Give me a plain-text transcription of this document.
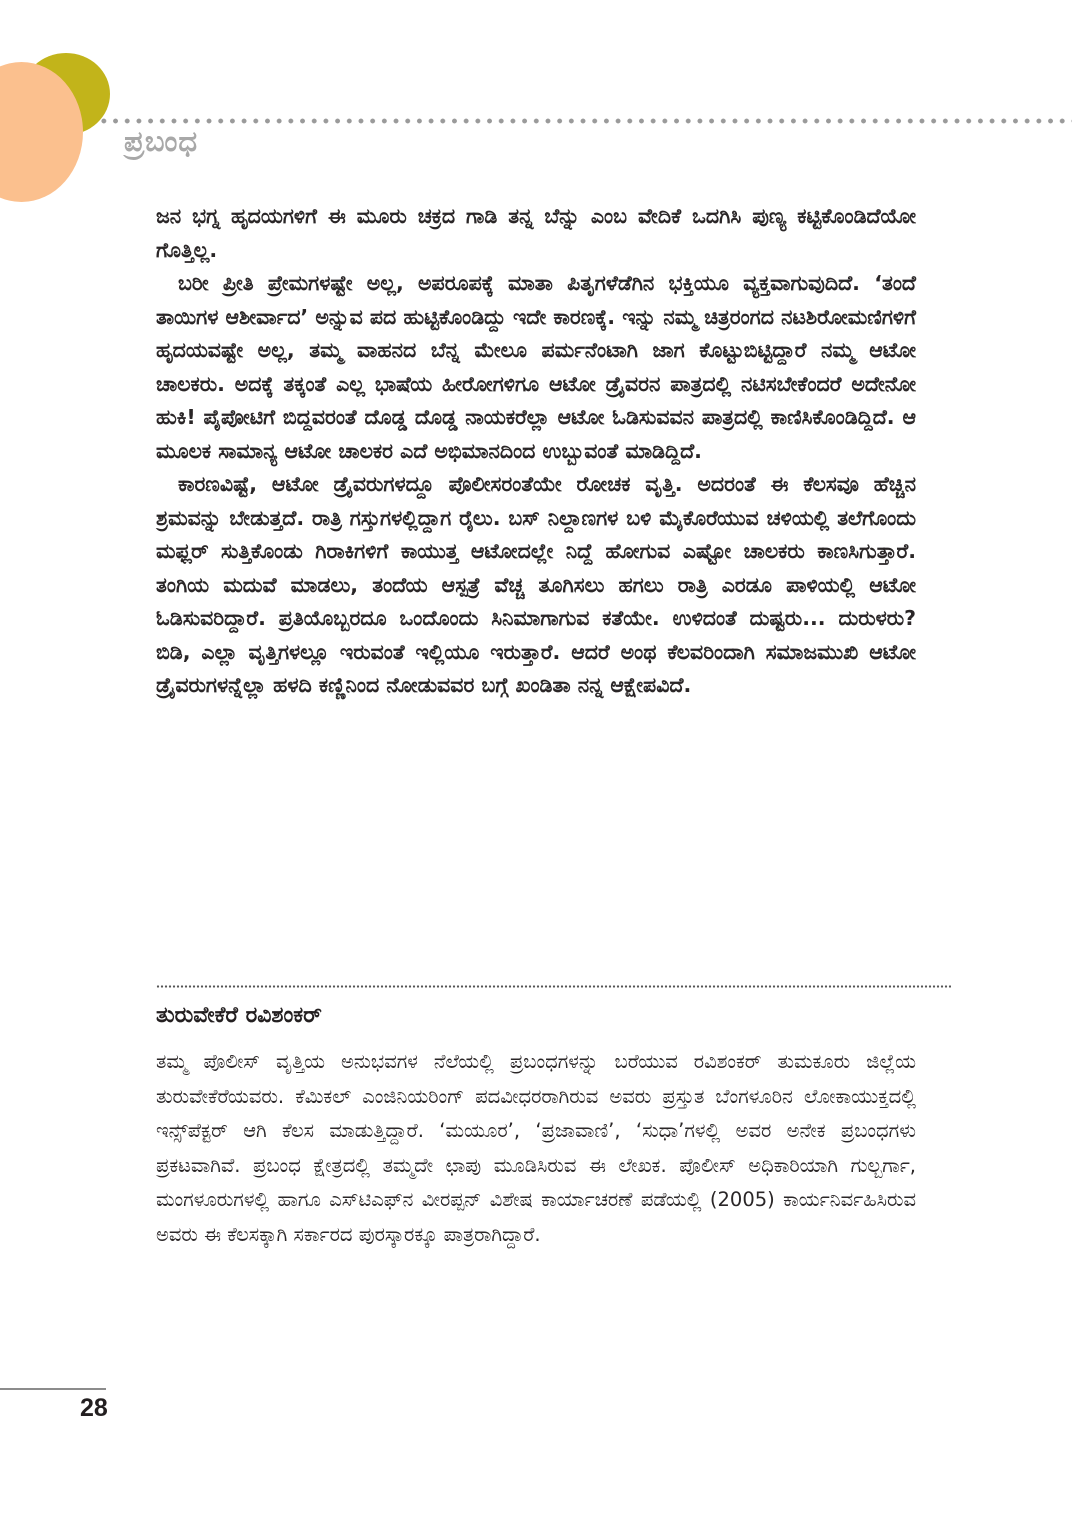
ಪ್ರಬಂಧ

ಜನ ಭಗ್ನ ಹೃದಯಗಳಿಗೆ ಈ ಮೂರು ಚಕ್ರದ ಗಾಡಿ ತನ್ನ ಬೆನ್ನು ಎಂಬ ವೇದಿಕೆ ಒದಗಿಸಿ ಪುಣ್ಯ ಕಟ್ಟಿಕೊಂಡಿದೆಯೋ ಗೊತ್ತಿಲ್ಲ.

ಬರೀ ಪ್ರೀತಿ ಪ್ರೇಮಗಳಷ್ಟೇ ಅಲ್ಲ, ಅಪರೂಪಕ್ಕೆ ಮಾತಾ ಪಿತೃಗಳೆಡೆಗಿನ ಭಕ್ತಿಯೂ ವ್ಯಕ್ತವಾಗುವುದಿದೆ. ‘ತಂದೆ ತಾಯಿಗಳ ಆಶೀರ್ವಾದ’ ಅನ್ನುವ ಪದ ಹುಟ್ಟಿಕೊಂಡಿದ್ದು ಇದೇ ಕಾರಣಕ್ಕೆ. ಇನ್ನು ನಮ್ಮ ಚಿತ್ರರಂಗದ ನಟಶಿರೋಮಣಿಗಳಿಗೆ ಹೃದಯವಷ್ಟೇ ಅಲ್ಲ, ತಮ್ಮ ವಾಹನದ ಬೆನ್ನ ಮೇಲೂ ಪರ್ಮನೆಂಟಾಗಿ ಜಾಗ ಕೊಟ್ಟುಬಿಟ್ಟಿದ್ದಾರೆ ನಮ್ಮ ಆಟೋ ಚಾಲಕರು. ಅದಕ್ಕೆ ತಕ್ಕಂತೆ ಎಲ್ಲ ಭಾಷೆಯ ಹೀರೋಗಳಿಗೂ ಆಟೋ ಡ್ರೈವರನ ಪಾತ್ರದಲ್ಲಿ ನಟಿಸಬೇಕೆಂದರೆ ಅದೇನೋ ಹುಕಿ! ಪೈಪೋಟಿಗೆ ಬಿದ್ದವರಂತೆ ದೊಡ್ಡ ದೊಡ್ಡ ನಾಯಕರೆಲ್ಲಾ ಆಟೋ ಓಡಿಸುವವನ ಪಾತ್ರದಲ್ಲಿ ಕಾಣಿಸಿಕೊಂಡಿದ್ದಿದೆ. ಆ ಮೂಲಕ ಸಾಮಾನ್ಯ ಆಟೋ ಚಾಲಕರ ಎದೆ ಅಭಿಮಾನದಿಂದ ಉಬ್ಬುವಂತೆ ಮಾಡಿದ್ದಿದೆ.

ಕಾರಣವಿಷ್ಟೆ, ಆಟೋ ಡ್ರೈವರುಗಳದ್ದೂ ಪೊಲೀಸರಂತೆಯೇ ರೋಚಕ ವೃತ್ತಿ. ಅದರಂತೆ ಈ ಕೆಲಸವೂ ಹೆಚ್ಚಿನ ಶ್ರಮವನ್ನು ಬೇಡುತ್ತದೆ. ರಾತ್ರಿ ಗಸ್ತುಗಳಲ್ಲಿದ್ದಾಗ ರೈಲು. ಬಸ್ ನಿಲ್ದಾಣಗಳ ಬಳಿ ಮೈಕೊರೆಯುವ ಚಳಿಯಲ್ಲಿ ತಲೆಗೊಂದು ಮಫ್ಲರ್ ಸುತ್ತಿಕೊಂಡು ಗಿರಾಕಿಗಳಿಗೆ ಕಾಯುತ್ತ ಆಟೋದಲ್ಲೇ ನಿದ್ದೆ ಹೋಗುವ ಎಷ್ಟೋ ಚಾಲಕರು ಕಾಣಸಿಗುತ್ತಾರೆ. ತಂಗಿಯ ಮದುವೆ ಮಾಡಲು, ತಂದೆಯ ಆಸ್ಪತ್ರೆ ವೆಚ್ಚ ತೂಗಿಸಲು ಹಗಲು ರಾತ್ರಿ ಎರಡೂ ಪಾಳಿಯಲ್ಲಿ ಆಟೋ ಓಡಿಸುವರಿದ್ದಾರೆ. ಪ್ರತಿಯೊಬ್ಬರದೂ ಒಂದೊಂದು ಸಿನಿಮಾಗಾಗುವ ಕತೆಯೇ. ಉಳಿದಂತೆ ದುಷ್ಟರು... ದುರುಳರು? ಬಿಡಿ, ಎಲ್ಲಾ ವೃತ್ತಿಗಳಲ್ಲೂ ಇರುವಂತೆ ಇಲ್ಲಿಯೂ ಇರುತ್ತಾರೆ. ಆದರೆ ಅಂಥ ಕೆಲವರಿಂದಾಗಿ ಸಮಾಜಮುಖಿ ಆಟೋ ಡ್ರೈವರುಗಳನ್ನೆಲ್ಲಾ ಹಳದಿ ಕಣ್ಣಿನಿಂದ ನೋಡುವವರ ಬಗ್ಗೆ ಖಂಡಿತಾ ನನ್ನ ಆಕ್ಷೇಪವಿದೆ.

ತುರುವೇಕೆರೆ ರವಿಶಂಕರ್

ತಮ್ಮ ಪೊಲೀಸ್ ವೃತ್ತಿಯ ಅನುಭವಗಳ ನೆಲೆಯಲ್ಲಿ ಪ್ರಬಂಧಗಳನ್ನು ಬರೆಯುವ ರವಿಶಂಕರ್ ತುಮಕೂರು ಜಿಲ್ಲೆಯ ತುರುವೇಕೆರೆಯವರು. ಕೆಮಿಕಲ್ ಎಂಜಿನಿಯರಿಂಗ್ ಪದವೀಧರರಾಗಿರುವ ಅವರು ಪ್ರಸ್ತುತ ಬೆಂಗಳೂರಿನ ಲೋಕಾಯುಕ್ತದಲ್ಲಿ ಇನ್ಸ್‌ಪೆಕ್ಟರ್ ಆಗಿ ಕೆಲಸ ಮಾಡುತ್ತಿದ್ದಾರೆ. ‘ಮಯೂರ’, ‘ಪ್ರಜಾವಾಣಿ’, ‘ಸುಧಾ’ಗಳಲ್ಲಿ ಅವರ ಅನೇಕ ಪ್ರಬಂಧಗಳು ಪ್ರಕಟವಾಗಿವೆ. ಪ್ರಬಂಧ ಕ್ಷೇತ್ರದಲ್ಲಿ ತಮ್ಮದೇ ಛಾಪು ಮೂಡಿಸಿರುವ ಈ ಲೇಖಕ. ಪೊಲೀಸ್ ಅಧಿಕಾರಿಯಾಗಿ ಗುಲ್ಬರ್ಗಾ, ಮಂಗಳೂರುಗಳಲ್ಲಿ ಹಾಗೂ ಎಸ್‌ಟಿಎಫ್‌ನ ವೀರಪ್ಪನ್ ವಿಶೇಷ ಕಾರ್ಯಾಚರಣೆ ಪಡೆಯಲ್ಲಿ (2005) ಕಾರ್ಯನಿರ್ವಹಿಸಿರುವ ಅವರು ಈ ಕೆಲಸಕ್ಕಾಗಿ ಸರ್ಕಾರದ ಪುರಸ್ಕಾರಕ್ಕೂ ಪಾತ್ರರಾಗಿದ್ದಾರೆ.

28
